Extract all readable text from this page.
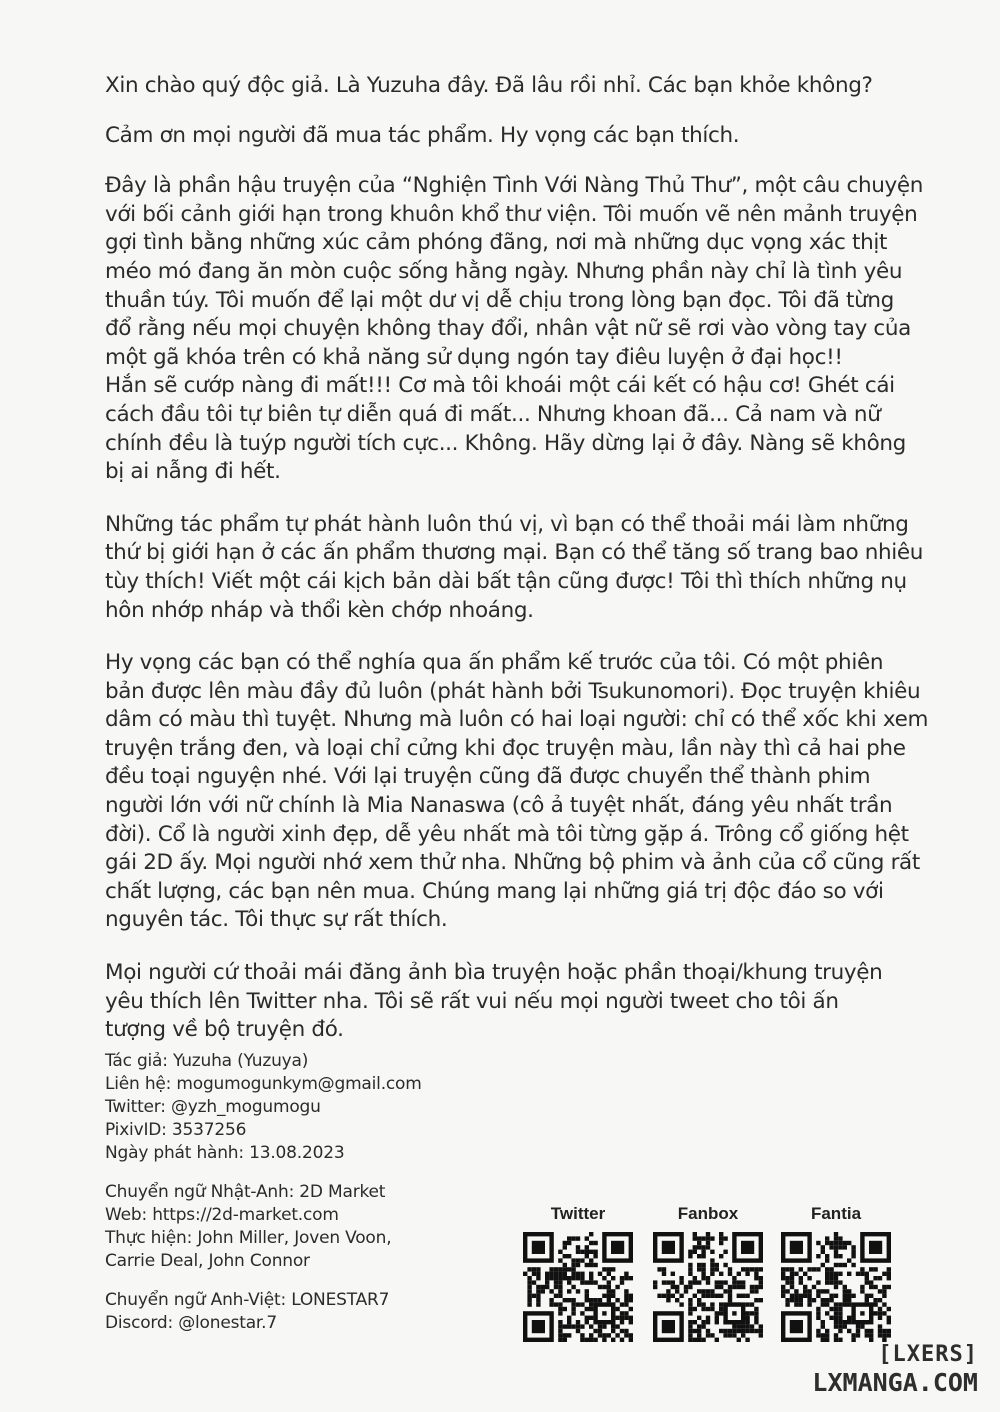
Xin chào quý độc giả. Là Yuzuha đây. Đã lâu rồi nhỉ. Các bạn khỏe không?
Cảm ơn mọi người đã mua tác phẩm. Hy vọng các bạn thích.
Đây là phần hậu truyện của “Nghiện Tình Với Nàng Thủ Thư”, một câu chuyện
với bối cảnh giới hạn trong khuôn khổ thư viện. Tôi muốn vẽ nên mảnh truyện
gợi tình bằng những xúc cảm phóng đãng, nơi mà những dục vọng xác thịt
méo mó đang ăn mòn cuộc sống hằng ngày. Nhưng phần này chỉ là tình yêu
thuần túy. Tôi muốn để lại một dư vị dễ chịu trong lòng bạn đọc. Tôi đã từng
đổ rằng nếu mọi chuyện không thay đổi, nhân vật nữ sẽ rơi vào vòng tay của
một gã khóa trên có khả năng sử dụng ngón tay điêu luyện ở đại học!!
Hắn sẽ cướp nàng đi mất!!! Cơ mà tôi khoái một cái kết có hậu cơ! Ghét cái
cách đầu tôi tự biên tự diễn quá đi mất... Nhưng khoan đã... Cả nam và nữ
chính đều là tuýp người tích cực... Không. Hãy dừng lại ở đây. Nàng sẽ không
bị ai nẫng đi hết.
Những tác phẩm tự phát hành luôn thú vị, vì bạn có thể thoải mái làm những
thứ bị giới hạn ở các ấn phẩm thương mại. Bạn có thể tăng số trang bao nhiêu
tùy thích! Viết một cái kịch bản dài bất tận cũng được! Tôi thì thích những nụ
hôn nhớp nháp và thổi kèn chớp nhoáng.
Hy vọng các bạn có thể nghía qua ấn phẩm kế trước của tôi. Có một phiên
bản được lên màu đầy đủ luôn (phát hành bởi Tsukunomori). Đọc truyện khiêu
dâm có màu thì tuyệt. Nhưng mà luôn có hai loại người: chỉ có thể xốc khi xem
truyện trắng đen, và loại chỉ cửng khi đọc truyện màu, lần này thì cả hai phe
đều toại nguyện nhé. Với lại truyện cũng đã được chuyển thể thành phim
người lớn với nữ chính là Mia Nanaswa (cô ả tuyệt nhất, đáng yêu nhất trần
đời). Cổ là người xinh đẹp, dễ yêu nhất mà tôi từng gặp á. Trông cổ giống hệt
gái 2D ấy. Mọi người nhớ xem thử nha. Những bộ phim và ảnh của cổ cũng rất
chất lượng, các bạn nên mua. Chúng mang lại những giá trị độc đáo so với
nguyên tác. Tôi thực sự rất thích.
Mọi người cứ thoải mái đăng ảnh bìa truyện hoặc phần thoại/khung truyện
yêu thích lên Twitter nha. Tôi sẽ rất vui nếu mọi người tweet cho tôi ấn
tượng về bộ truyện đó.
Tác giả: Yuzuha (Yuzuya)
Liên hệ: mogumogunkym@gmail.com
Twitter: @yzh_mogumogu
PixivID: 3537256
Ngày phát hành: 13.08.2023
Chuyển ngữ Nhật-Anh: 2D Market
Web: https://2d-market.com
Thực hiện: John Miller, Joven Voon,
Carrie Deal, John Connor
Chuyển ngữ Anh-Việt: LONESTAR7
Discord: @lonestar.7
Twitter	Fanbox	Fantia
[LXERS]
LXMANGA.COM
